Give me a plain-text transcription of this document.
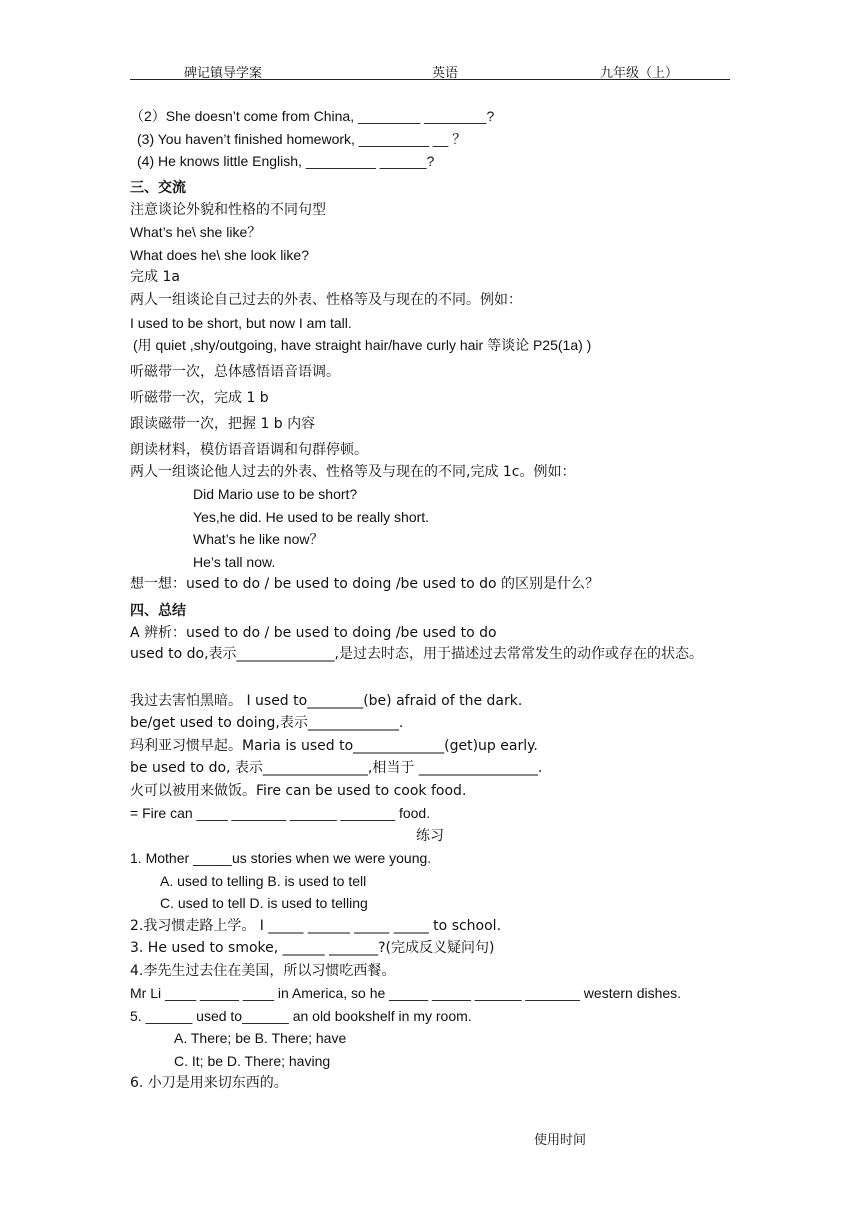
碑记镇导学案	英语	九年级（上）
（2）She doesn’t come from China, ________ ________?
(3) You haven’t finished homework, _________ __ ？
(4) He knows little English, _________ ______?
三、交流
注意谈论外貌和性格的不同句型
What’s he\ she like？
What does he\ she look like?
完成 1a
两人一组谈论自己过去的外表、性格等及与现在的不同。例如：
I used to be short, but now I am tall.
(用 quiet ,shy/outgoing, have straight hair/have curly hair 等谈论 P25(1a) )
听磁带一次，总体感悟语音语调。
听磁带一次，完成 1 b
跟读磁带一次，把握 1 b 内容
朗读材料，模仿语音语调和句群停顿。
两人一组谈论他人过去的外表、性格等及与现在的不同,完成 1c。例如：
Did Mario use to be short?
Yes,he did. He used to be really short.
What’s he like now？
He’s tall now.
想一想：used to do / be used to doing /be used to do 的区别是什么？
四、总结
A 辨析：used to do / be used to doing /be used to do
used to do,表示______________,是过去时态，用于描述过去常常发生的动作或存在的状态。
我过去害怕黑暗。 I used to________(be) afraid of the dark.
be/get used to doing,表示_____________.
玛利亚习惯早起。Maria is used to_____________(get)up early.
be used to do, 表示_______________,相当于 _________________.
火可以被用来做饭。Fire can be used to cook food.
= Fire can ____ _______ ______ _______ food.
练习
1. Mother _____us stories when we were young.
A. used to telling B. is used to tell
C. used to tell D. is used to telling
2.我习惯走路上学。 I _____ ______ _____ _____ to school.
3. He used to smoke, ______ _______?(完成反义疑问句)
4.李先生过去住在美国，所以习惯吃西餐。
Mr Li ____ _____ ____ in America, so he _____ _____ ______ _______ western dishes.
5. ______ used to______ an old bookshelf in my room.
A. There; be B. There; have
C. It; be D. There; having
6. 小刀是用来切东西的。
使用时间
